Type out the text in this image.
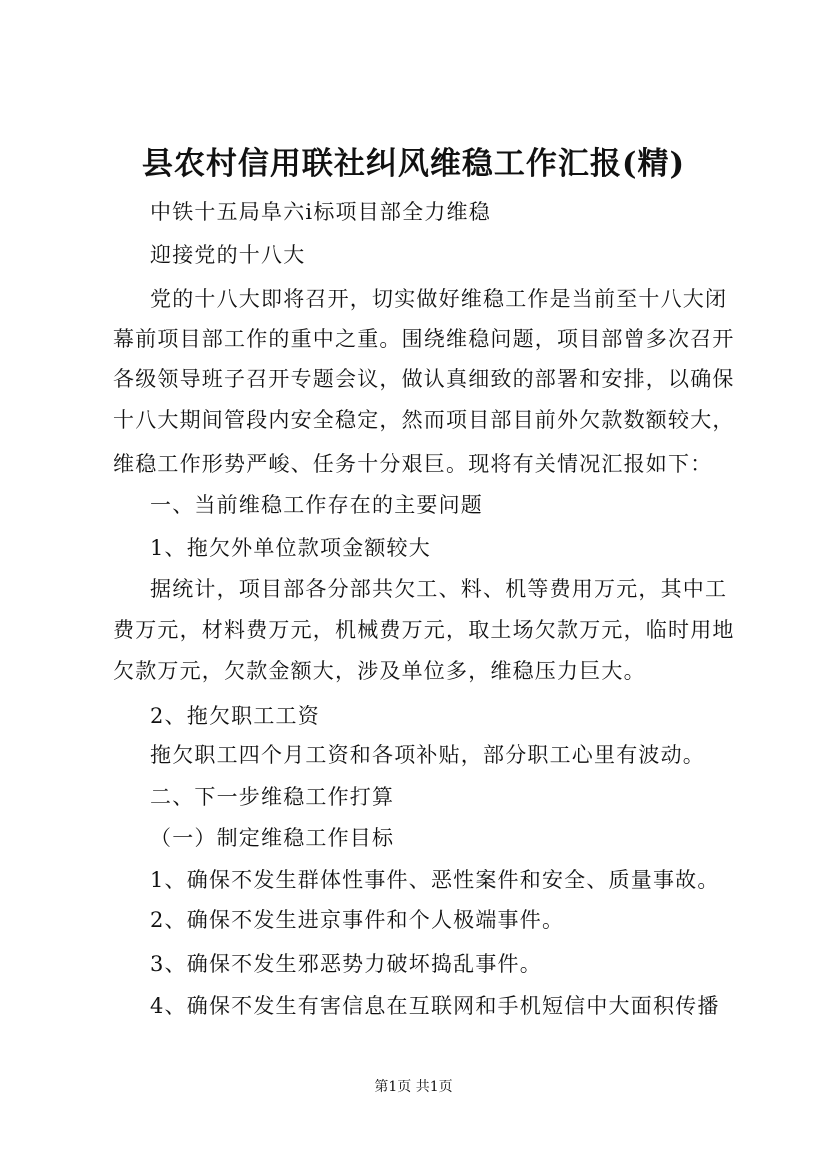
县农村信用联社纠风维稳工作汇报(精)
中铁十五局阜六ⅰ标项目部全力维稳
迎接党的十八大
党的十八大即将召开，切实做好维稳工作是当前至十八大闭
幕前项目部工作的重中之重。围绕维稳问题，项目部曾多次召开
各级领导班子召开专题会议，做认真细致的部署和安排，以确保
十八大期间管段内安全稳定，然而项目部目前外欠款数额较大，
维稳工作形势严峻、任务十分艰巨。现将有关情况汇报如下：
一、当前维稳工作存在的主要问题
1、拖欠外单位款项金额较大
据统计，项目部各分部共欠工、料、机等费用万元，其中工
费万元，材料费万元，机械费万元，取土场欠款万元，临时用地
欠款万元，欠款金额大，涉及单位多，维稳压力巨大。
2、拖欠职工工资
拖欠职工四个月工资和各项补贴，部分职工心里有波动。
二、下一步维稳工作打算
（一）制定维稳工作目标
1、确保不发生群体性事件、恶性案件和安全、质量事故。
2、确保不发生进京事件和个人极端事件。
3、确保不发生邪恶势力破坏捣乱事件。
4、确保不发生有害信息在互联网和手机短信中大面积传播
第1页 共1页
